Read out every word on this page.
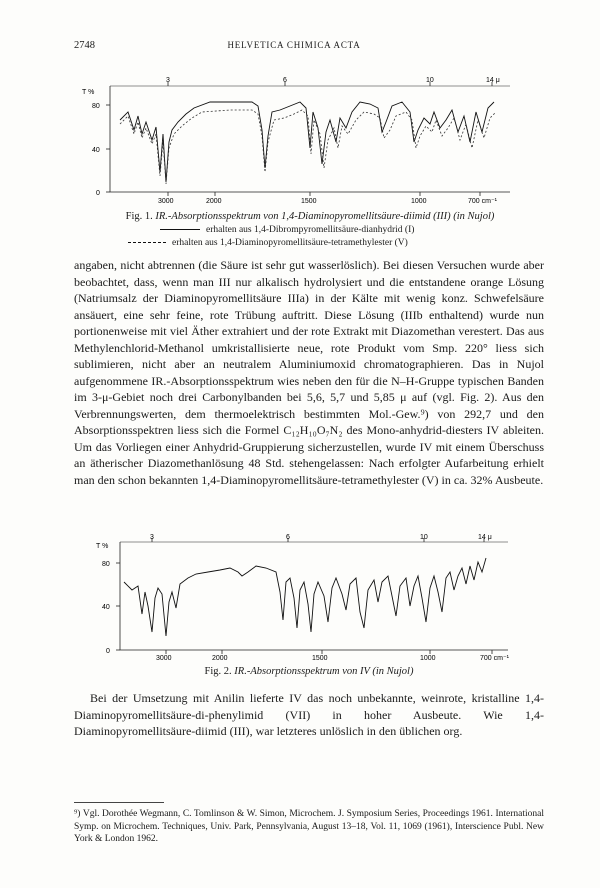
2748	HELVETICA CHIMICA ACTA
T %
80
40
0
3	6	10	14 μ
3000	2000	1500	1000	700 cm⁻¹
Fig. 1. IR.-Absorptionsspektrum von 1,4-Diaminopyromellitsäure-diimid (III) (in Nujol)
erhalten aus 1,4-Dibrompyromellitsäure-dianhydrid (I)
erhalten aus 1,4-Diaminopyromellitsäure-tetramethylester (V)

angaben, nicht abtrennen (die Säure ist sehr gut wasserlöslich). Bei diesen Versuchen wurde aber beobachtet, dass, wenn man III nur alkalisch hydrolysiert und die entstandene orange Lösung (Natriumsalz der Diaminopyromellitsäure IIIa) in der Kälte mit wenig konz. Schwefelsäure ansäuert, eine sehr feine, rote Trübung auftritt. Diese Lösung (IIIb enthaltend) wurde nun portionenweise mit viel Äther extrahiert und der rote Extrakt mit Diazomethan verestert. Das aus Methylenchlorid-Methanol umkristallisierte neue, rote Produkt vom Smp. 220° liess sich sublimieren, nicht aber an neutralem Aluminiumoxid chromatographieren. Das in Nujol aufgenommene IR.-Absorptionsspektrum wies neben den für die N–H-Gruppe typischen Banden im 3-μ-Gebiet noch drei Carbonylbanden bei 5,6, 5,7 und 5,85 μ auf (vgl. Fig. 2). Aus den Verbrennungswerten, dem thermoelektrisch bestimmten Mol.-Gew.⁹) von 292,7 und den Absorptionsspektren liess sich die Formel C₁₂H₁₀O₇N₂ des Mono-anhydrid-diesters IV ableiten. Um das Vorliegen einer Anhydrid-Gruppierung sicherzustellen, wurde IV mit einem Überschuss an ätherischer Diazomethanlösung 48 Std. stehengelassen: Nach erfolgter Aufarbeitung erhielt man den schon bekannten 1,4-Diaminopyromellitsäure-tetramethylester (V) in ca. 32% Ausbeute.

T %
80
40
0
3	6	10	14 μ
3000	2000	1500	1000	700 cm⁻¹
Fig. 2. IR.-Absorptionsspektrum von IV (in Nujol)

Bei der Umsetzung mit Anilin lieferte IV das noch unbekannte, weinrote, kristalline 1,4-Diaminopyromellitsäure-di-phenylimid (VII) in hoher Ausbeute. Wie 1,4-Diaminopyromellitsäure-diimid (III), war letzteres unlöslich in den üblichen org.

⁹) Vgl. Dorothée Wegmann, C. Tomlinson & W. Simon, Microchem. J. Symposium Series, Proceedings 1961. International Symp. on Microchem. Techniques, Univ. Park, Pennsylvania, August 13–18, Vol. 11, 1069 (1961), Interscience Publ. New York & London 1962.
